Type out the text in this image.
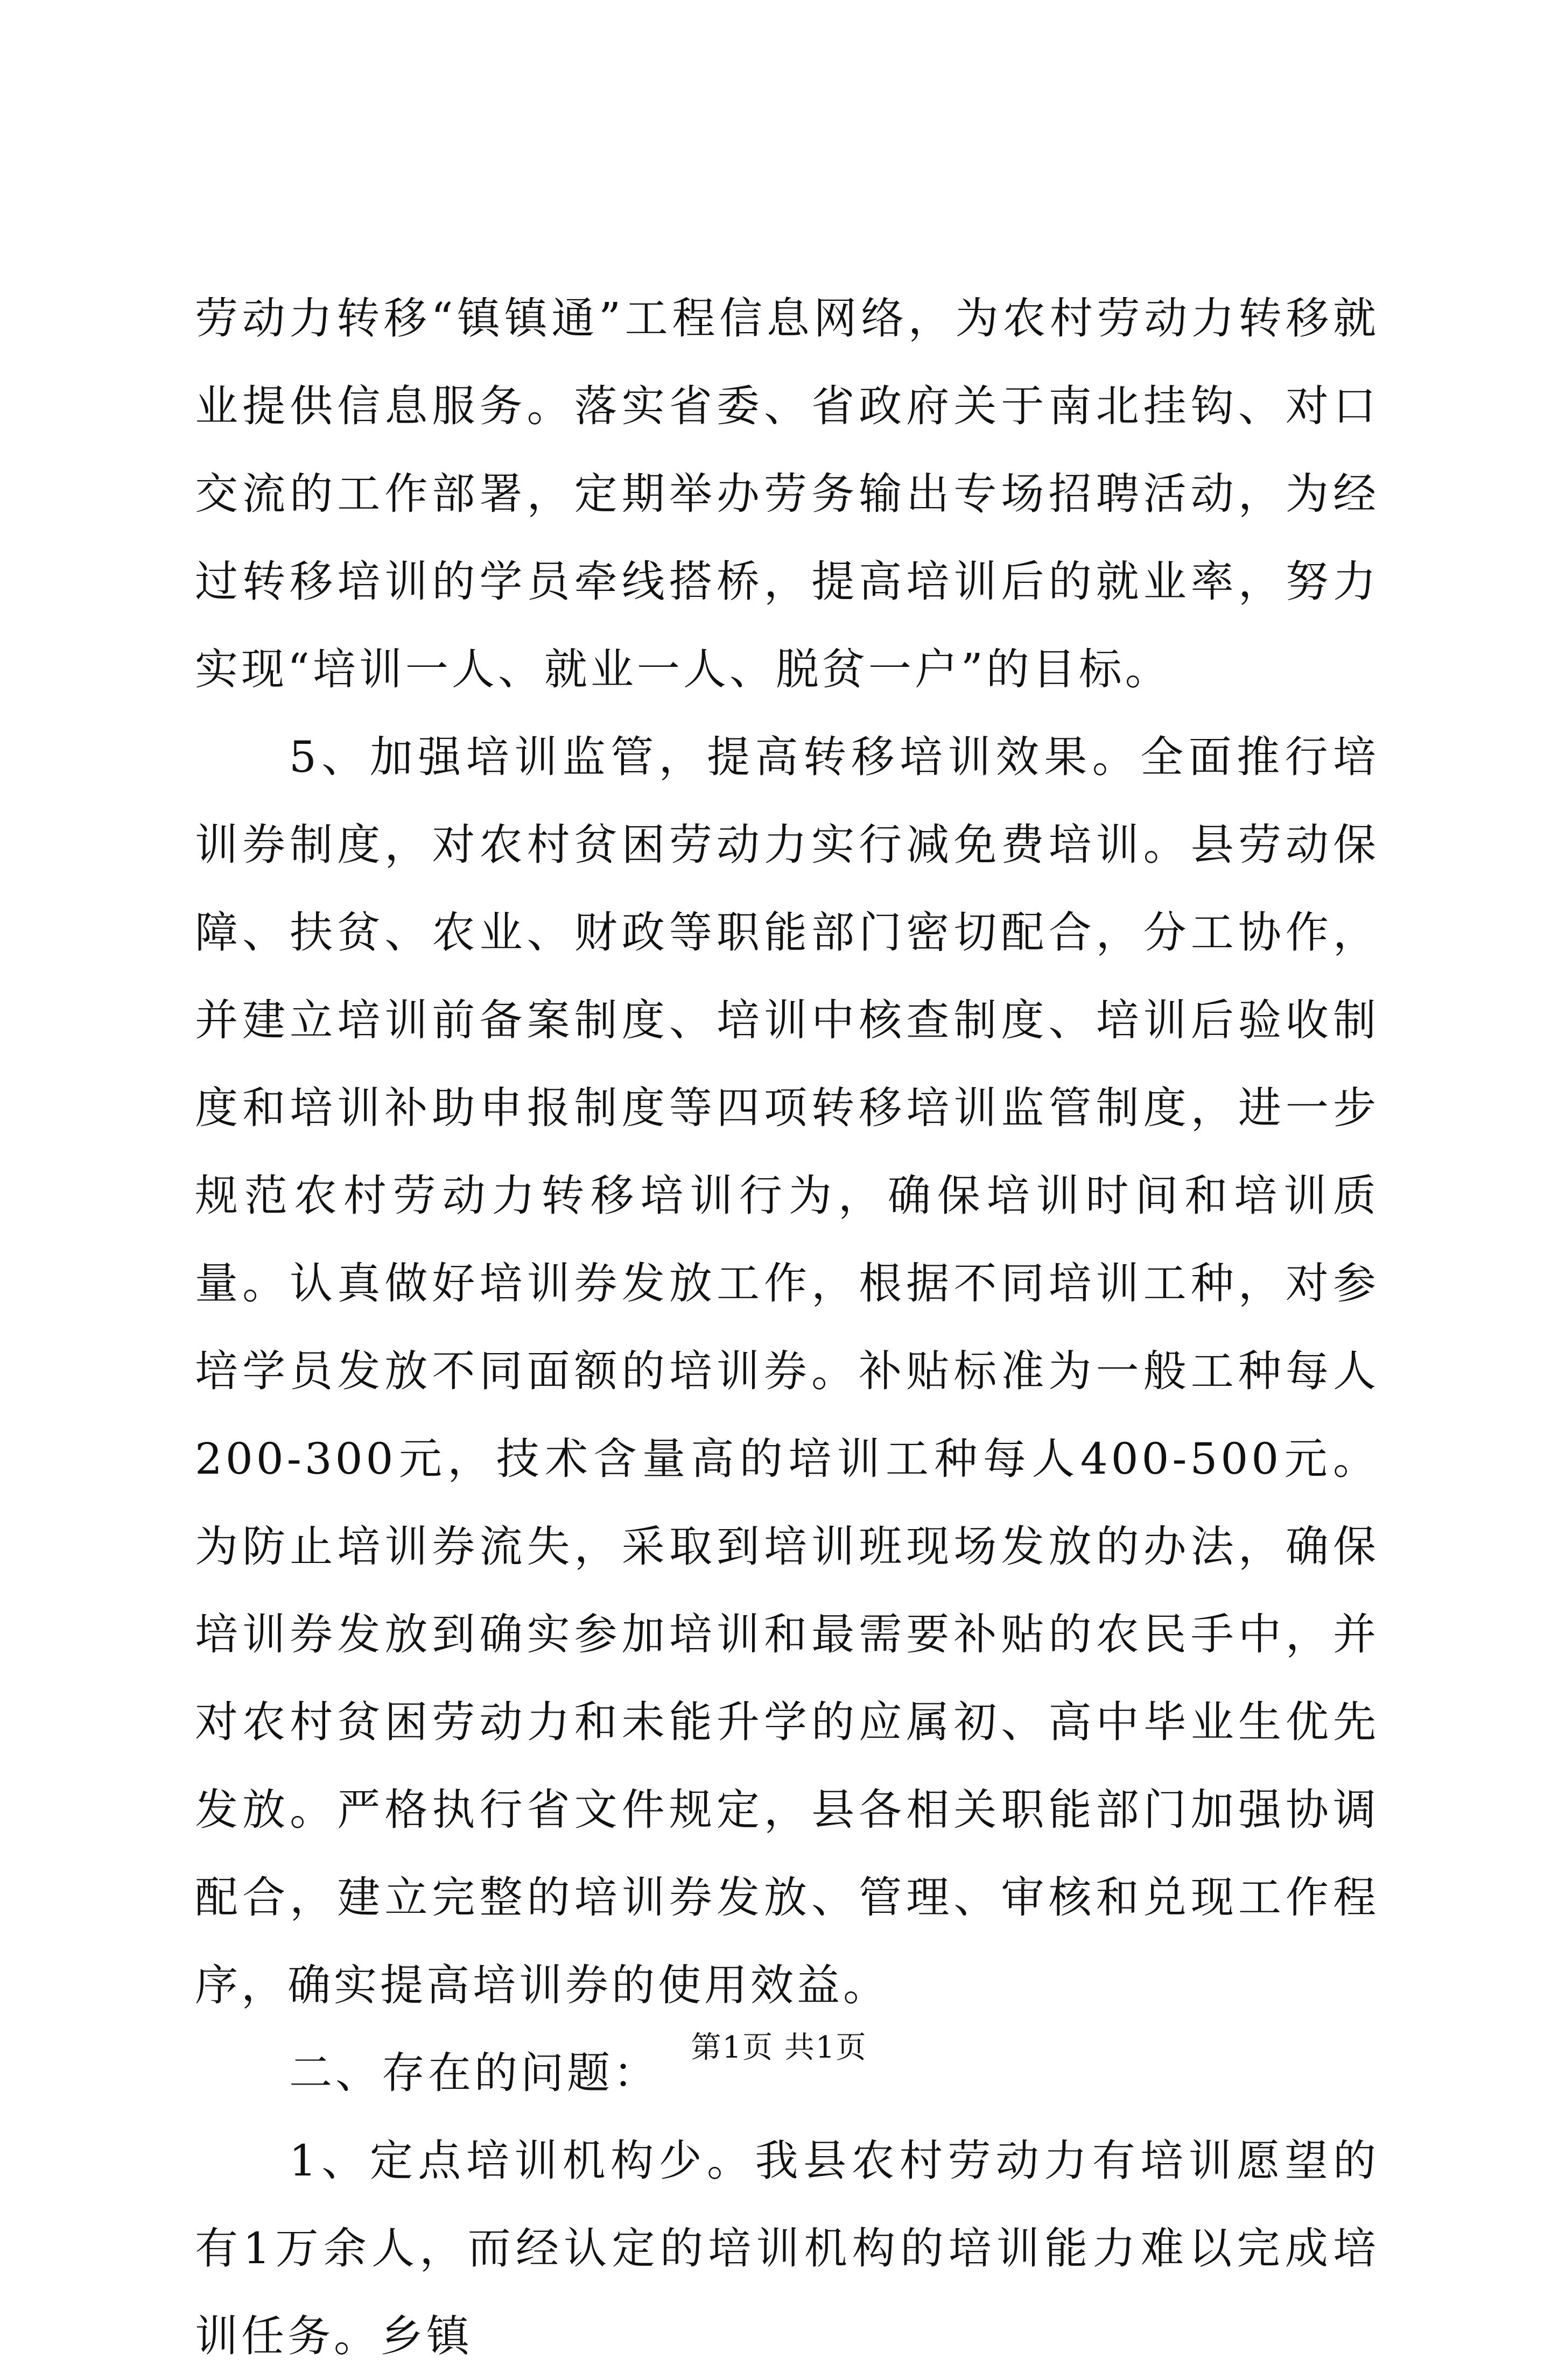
劳动力转移“镇镇通”工程信息网络，为农村劳动力转移就业提供信息服务。落实省委、省政府关于南北挂钩、对口交流的工作部署，定期举办劳务输出专场招聘活动，为经过转移培训的学员牵线搭桥，提高培训后的就业率，努力实现“培训一人、就业一人、脱贫一户”的目标。

5、加强培训监管，提高转移培训效果。全面推行培训券制度，对农村贫困劳动力实行减免费培训。县劳动保障、扶贫、农业、财政等职能部门密切配合，分工协作，并建立培训前备案制度、培训中核查制度、培训后验收制度和培训补助申报制度等四项转移培训监管制度，进一步规范农村劳动力转移培训行为，确保培训时间和培训质量。认真做好培训券发放工作，根据不同培训工种，对参培学员发放不同面额的培训券。补贴标准为一般工种每人200-300元，技术含量高的培训工种每人400-500元。为防止培训券流失，采取到培训班现场发放的办法，确保培训券发放到确实参加培训和最需要补贴的农民手中，并对农村贫困劳动力和未能升学的应属初、高中毕业生优先发放。严格执行省文件规定，县各相关职能部门加强协调配合，建立完整的培训券发放、管理、审核和兑现工作程序，确实提高培训券的使用效益。

二、存在的问题：

1、定点培训机构少。我县农村劳动力有培训愿望的有1万余人，而经认定的培训机构的培训能力难以完成培训任务。乡镇

第1页 共1页
